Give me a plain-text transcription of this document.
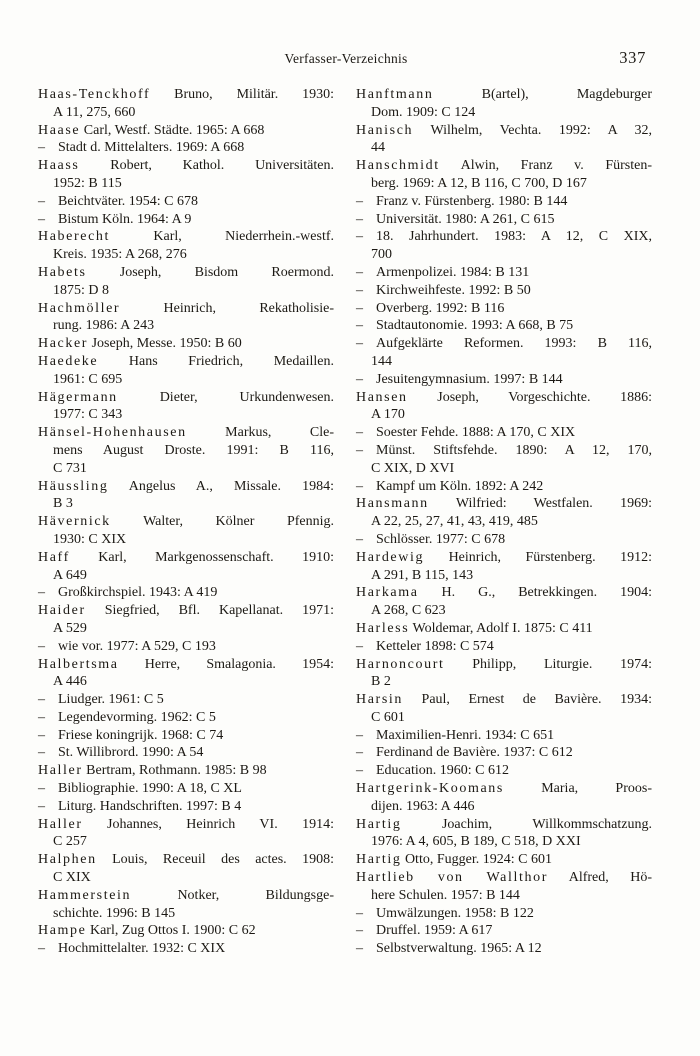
Verfasser-Verzeichnis	337
Haas-Tenckhoff Bruno, Militär. 1930:
A 11, 275, 660
Haase Carl, Westf. Städte. 1965: A 668
– Stadt d. Mittelalters. 1969: A 668
Haass Robert, Kathol. Universitäten.
1952: B 115
– Beichtväter. 1954: C 678
– Bistum Köln. 1964: A 9
Haberecht Karl, Niederrhein.-westf.
Kreis. 1935: A 268, 276
Habets Joseph, Bisdom Roermond.
1875: D 8
Hachmöller Heinrich, Rekatholisie-
rung. 1986: A 243
Hacker Joseph, Messe. 1950: B 60
Haedeke Hans Friedrich, Medaillen.
1961: C 695
Hägermann Dieter, Urkundenwesen.
1977: C 343
Hänsel-Hohenhausen Markus, Cle-
mens August Droste. 1991: B 116,
C 731
Häussling Angelus A., Missale. 1984:
B 3
Hävernick Walter, Kölner Pfennig.
1930: C XIX
Haff Karl, Markgenossenschaft. 1910:
A 649
– Großkirchspiel. 1943: A 419
Haider Siegfried, Bfl. Kapellanat. 1971:
A 529
– wie vor. 1977: A 529, C 193
Halbertsma Herre, Smalagonia. 1954:
A 446
– Liudger. 1961: C 5
– Legendevorming. 1962: C 5
– Friese koningrijk. 1968: C 74
– St. Willibrord. 1990: A 54
Haller Bertram, Rothmann. 1985: B 98
– Bibliographie. 1990: A 18, C XL
– Liturg. Handschriften. 1997: B 4
Haller Johannes, Heinrich VI. 1914:
C 257
Halphen Louis, Receuil des actes. 1908:
C XIX
Hammerstein Notker, Bildungsge-
schichte. 1996: B 145
Hampe Karl, Zug Ottos I. 1900: C 62
– Hochmittelalter. 1932: C XIX
Hanftmann B(artel), Magdeburger
Dom. 1909: C 124
Hanisch Wilhelm, Vechta. 1992: A 32,
44
Hanschmidt Alwin, Franz v. Fürsten-
berg. 1969: A 12, B 116, C 700, D 167
– Franz v. Fürstenberg. 1980: B 144
– Universität. 1980: A 261, C 615
– 18. Jahrhundert. 1983: A 12, C XIX,
700
– Armenpolizei. 1984: B 131
– Kirchweihfeste. 1992: B 50
– Overberg. 1992: B 116
– Stadtautonomie. 1993: A 668, B 75
– Aufgeklärte Reformen. 1993: B 116,
144
– Jesuitengymnasium. 1997: B 144
Hansen Joseph, Vorgeschichte. 1886:
A 170
– Soester Fehde. 1888: A 170, C XIX
– Münst. Stiftsfehde. 1890: A 12, 170,
C XIX, D XVI
– Kampf um Köln. 1892: A 242
Hansmann Wilfried: Westfalen. 1969:
A 22, 25, 27, 41, 43, 419, 485
– Schlösser. 1977: C 678
Hardewig Heinrich, Fürstenberg. 1912:
A 291, B 115, 143
Harkama H. G., Betrekkingen. 1904:
A 268, C 623
Harless Woldemar, Adolf I. 1875: C 411
– Ketteler 1898: C 574
Harnoncourt Philipp, Liturgie. 1974:
B 2
Harsin Paul, Ernest de Bavière. 1934:
C 601
– Maximilien-Henri. 1934: C 651
– Ferdinand de Bavière. 1937: C 612
– Education. 1960: C 612
Hartgerink-Koomans Maria, Proos-
dijen. 1963: A 446
Hartig Joachim, Willkommschatzung.
1976: A 4, 605, B 189, C 518, D XXI
Hartig Otto, Fugger. 1924: C 601
Hartlieb von Wallthor Alfred, Hö-
here Schulen. 1957: B 144
– Umwälzungen. 1958: B 122
– Druffel. 1959: A 617
– Selbstverwaltung. 1965: A 12
